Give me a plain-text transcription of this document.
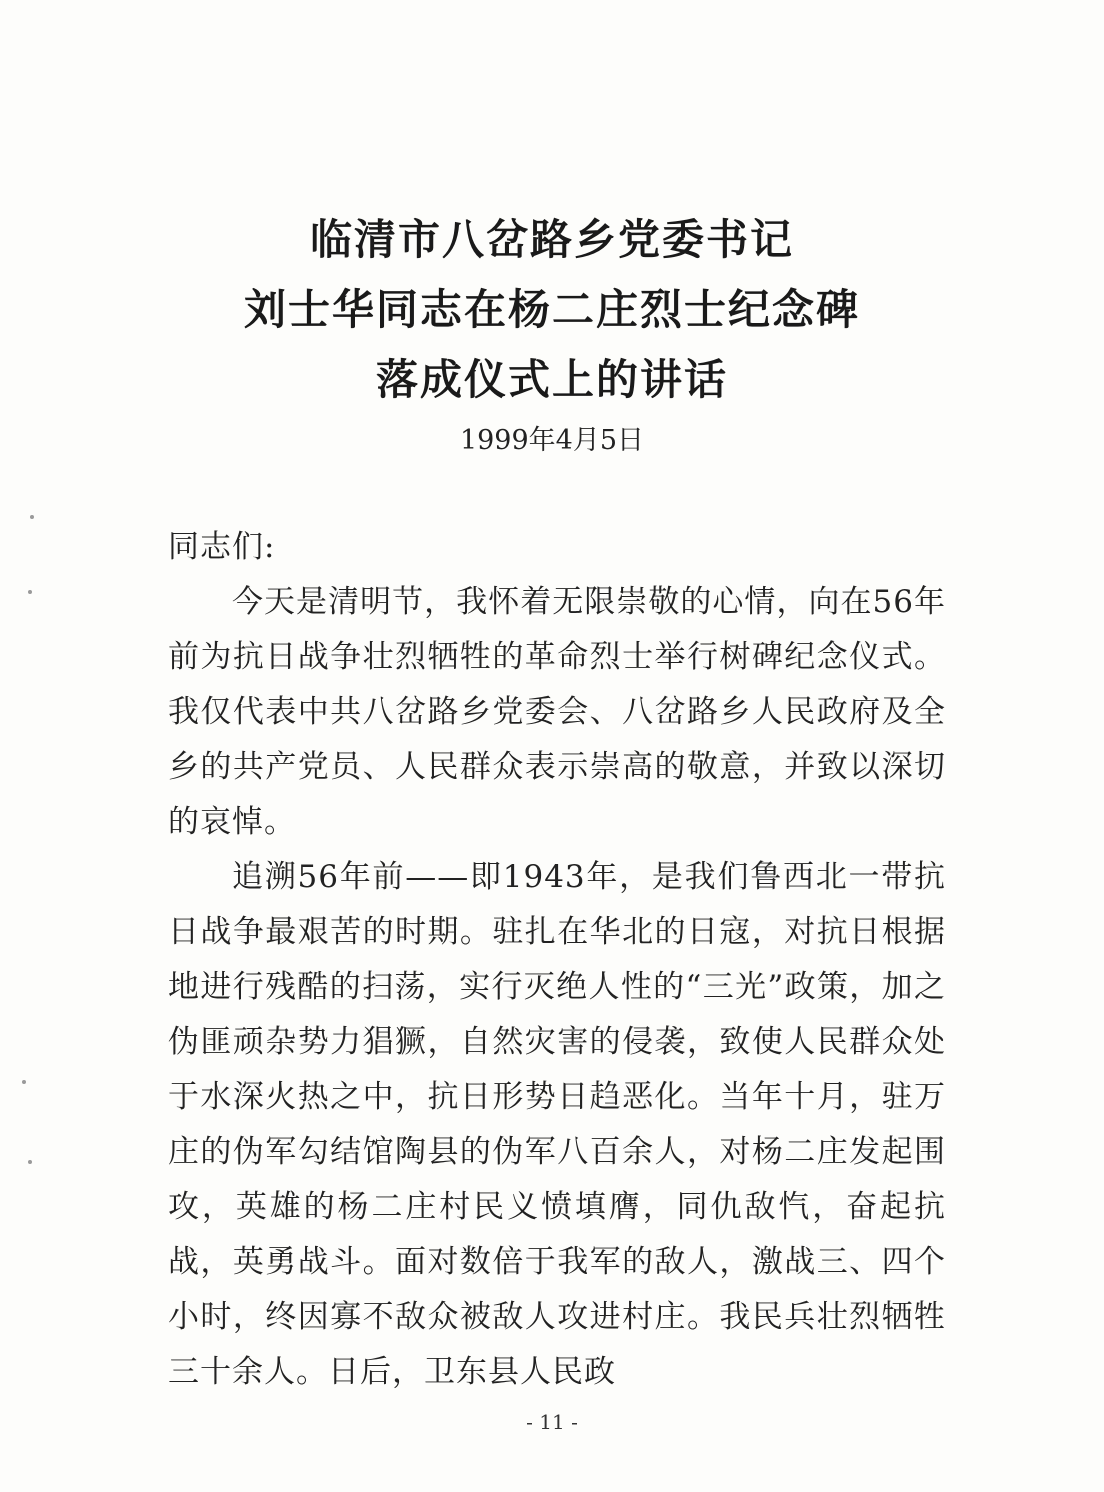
临清市八岔路乡党委书记
刘士华同志在杨二庄烈士纪念碑
落成仪式上的讲话
1999年4月5日

同志们:

今天是清明节，我怀着无限崇敬的心情，向在56年前为抗日战争壮烈牺牲的革命烈士举行树碑纪念仪式。我仅代表中共八岔路乡党委会、八岔路乡人民政府及全乡的共产党员、人民群众表示崇高的敬意，并致以深切的哀悼。

追溯56年前——即1943年，是我们鲁西北一带抗日战争最艰苦的时期。驻扎在华北的日寇，对抗日根据地进行残酷的扫荡，实行灭绝人性的“三光”政策，加之伪匪顽杂势力猖獗，自然灾害的侵袭，致使人民群众处于水深火热之中，抗日形势日趋恶化。当年十月，驻万庄的伪军勾结馆陶县的伪军八百余人，对杨二庄发起围攻，英雄的杨二庄村民义愤填膺，同仇敌忾，奋起抗战，英勇战斗。面对数倍于我军的敌人，激战三、四个小时，终因寡不敌众被敌人攻进村庄。我民兵壮烈牺牲三十余人。日后，卫东县人民政

- 11 -
